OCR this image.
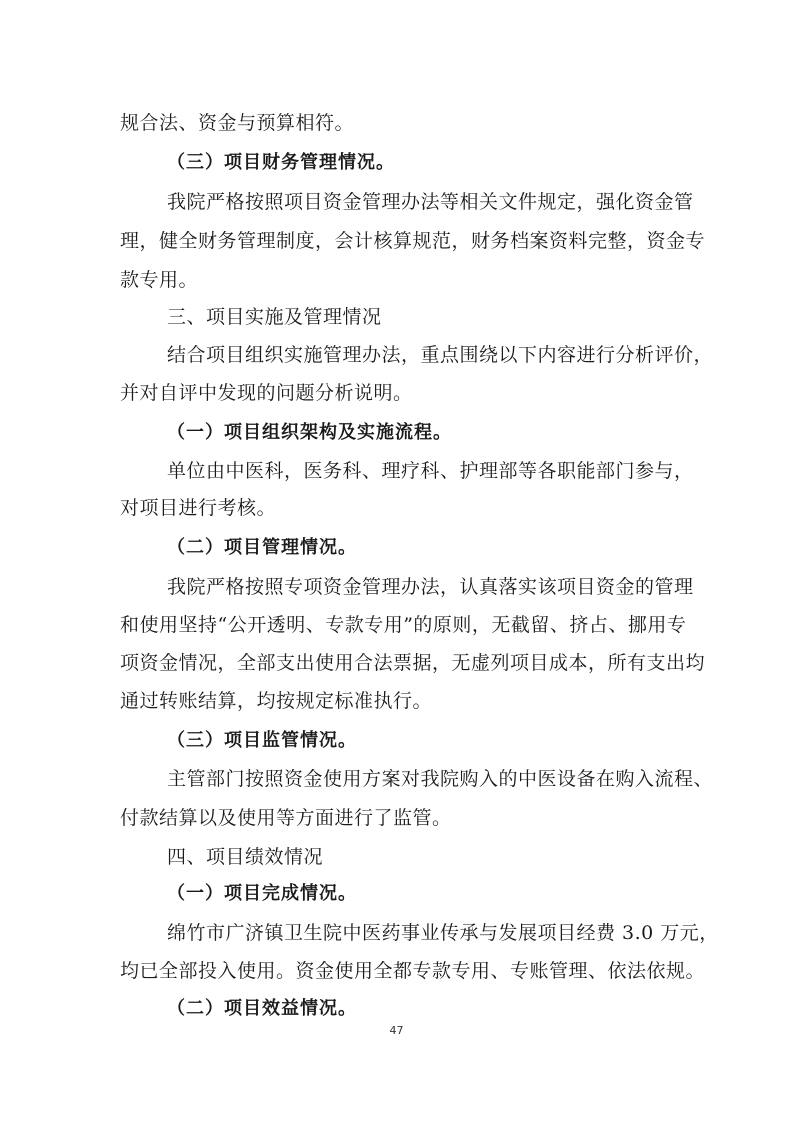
规合法、资金与预算相符。
（三）项目财务管理情况。
我院严格按照项目资金管理办法等相关文件规定，强化资金管
理，健全财务管理制度，会计核算规范，财务档案资料完整，资金专
款专用。
三、项目实施及管理情况
结合项目组织实施管理办法，重点围绕以下内容进行分析评价，
并对自评中发现的问题分析说明。
（一）项目组织架构及实施流程。
单位由中医科，医务科、理疗科、护理部等各职能部门参与，
对项目进行考核。
（二）项目管理情况。
我院严格按照专项资金管理办法，认真落实该项目资金的管理
和使用坚持“公开透明、专款专用”的原则，无截留、挤占、挪用专
项资金情况，全部支出使用合法票据，无虚列项目成本，所有支出均
通过转账结算，均按规定标准执行。
（三）项目监管情况。
主管部门按照资金使用方案对我院购入的中医设备在购入流程、
付款结算以及使用等方面进行了监管。
四、项目绩效情况
（一）项目完成情况。
绵竹市广济镇卫生院中医药事业传承与发展项目经费 3.0 万元，
均已全部投入使用。资金使用全都专款专用、专账管理、依法依规。
（二）项目效益情况。
47
